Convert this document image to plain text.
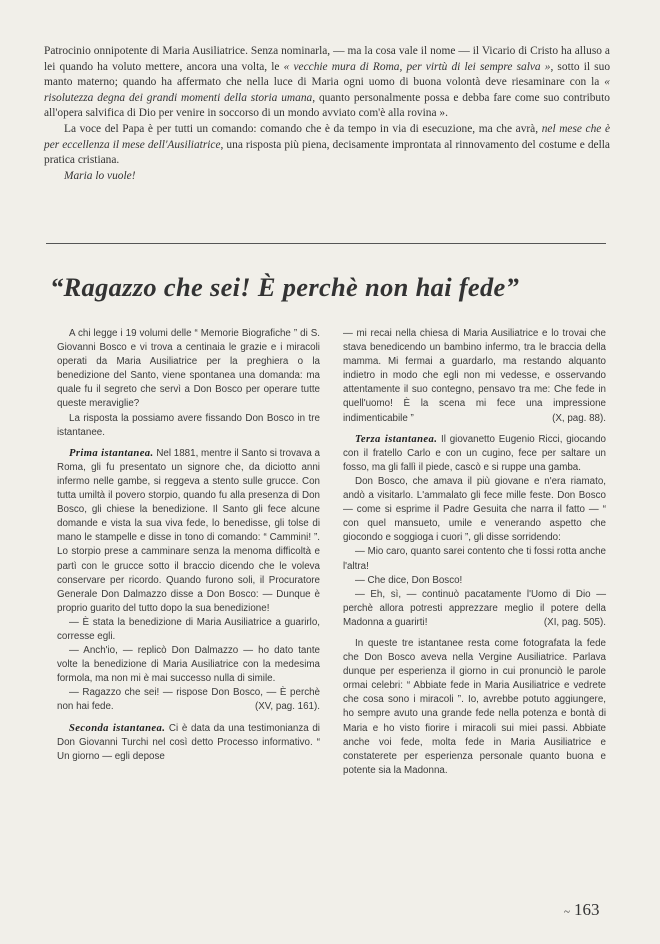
Patrocinio onnipotente di Maria Ausiliatrice. Senza nominarla, — ma la cosa vale il nome — il Vicario di Cristo ha alluso a lei quando ha voluto mettere, ancora una volta, le « vecchie mura di Roma, per virtù di lei sempre salva », sotto il suo manto materno; quando ha affermato che nella luce di Maria ogni uomo di buona volontà deve riesaminare con la « risolutezza degna dei grandi momenti della storia umana, quanto personalmente possa e debba fare come suo contributo all'opera salvifica di Dio per venire in soccorso di un mondo avviato com'è alla rovina ».

La voce del Papa è per tutti un comando: comando che è da tempo in via di esecuzione, ma che avrà, nel mese che è per eccellenza il mese dell'Ausiliatrice, una risposta più piena, decisamente improntata al rinnovamento del costume e della pratica cristiana.

Maria lo vuole!

“Ragazzo che sei! È perchè non hai fede”

A chi legge i 19 volumi delle “ Memorie Biografiche ” di S. Giovanni Bosco e vi trova a centinaia le grazie e i miracoli operati da Maria Ausiliatrice per la preghiera o la benedizione del Santo, viene spontanea una domanda: ma quale fu il segreto che servì a Don Bosco per operare tutte queste meraviglie?

La risposta la possiamo avere fissando Don Bosco in tre istantanee.

Prima istantanea. Nel 1881, mentre il Santo si trovava a Roma, gli fu presentato un signore che, da diciotto anni infermo nelle gambe, si reggeva a stento sulle grucce. Con tutta umiltà il povero storpio, quando fu alla presenza di Don Bosco, gli chiese la benedizione. Il Santo gli fece alcune domande e vista la sua viva fede, lo benedisse, gli tolse di mano le stampelle e disse in tono di comando: “ Cammini! ”. Lo storpio prese a camminare senza la menoma difficoltà e partì con le grucce sotto il braccio dicendo che le voleva conservare per ricordo. Quando furono soli, il Procuratore Generale Don Dalmazzo disse a Don Bosco: — Dunque è proprio guarito del tutto dopo la sua benedizione!

— È stata la benedizione di Maria Ausiliatrice a guarirlo, corresse egli.

— Anch'io, — replicò Don Dalmazzo — ho dato tante volte la benedizione di Maria Ausiliatrice con la medesima formola, ma non mi è mai successo nulla di simile.

— Ragazzo che sei! — rispose Don Bosco, — È perchè non hai fede.	(XV, pag. 161).

Seconda istantanea. Ci è data da una testimonianza di Don Giovanni Turchi nel così detto Processo informativo. “ Un giorno — egli depose

— mi recai nella chiesa di Maria Ausiliatrice e lo trovai che stava benedicendo un bambino infermo, tra le braccia della mamma. Mi fermai a guardarlo, ma restando alquanto indietro in modo che egli non mi vedesse, e osservando attentamente il suo contegno, pensavo tra me: Che fede in quell'uomo! È la scena mi fece una impressione indimenticabile ”	(X, pag. 88).

Terza istantanea. Il giovanetto Eugenio Ricci, giocando con il fratello Carlo e con un cugino, fece per saltare un fosso, ma gli fallì il piede, cascò e si ruppe una gamba.

Don Bosco, che amava il più giovane e n'era riamato, andò a visitarlo. L'ammalato gli fece mille feste. Don Bosco — come si esprime il Padre Gesuita che narra il fatto — “ con quel mansueto, umile e venerando aspetto che giocondo e soggioga i cuori ”, gli disse sorridendo:

— Mio caro, quanto sarei contento che ti fossi rotta anche l'altra!

— Che dice, Don Bosco!

— Eh, sì, — continuò pacatamente l'Uomo di Dio — perchè allora potresti apprezzare meglio il potere della Madonna a guarirti!	(XI, pag. 505).

In queste tre istantanee resta come fotografata la fede che Don Bosco aveva nella Vergine Ausiliatrice. Parlava dunque per esperienza il giorno in cui pronunciò le parole ormai celebri: “ Abbiate fede in Maria Ausiliatrice e vedrete che cosa sono i miracoli ”. Io, avrebbe potuto aggiungere, ho sempre avuto una grande fede nella potenza e bontà di Maria e ho visto fiorire i miracoli sui miei passi. Abbiate anche voi fede, molta fede in Maria Ausiliatrice e constaterete per esperienza personale quanto buona e potente sia la Madonna.

~ 163
